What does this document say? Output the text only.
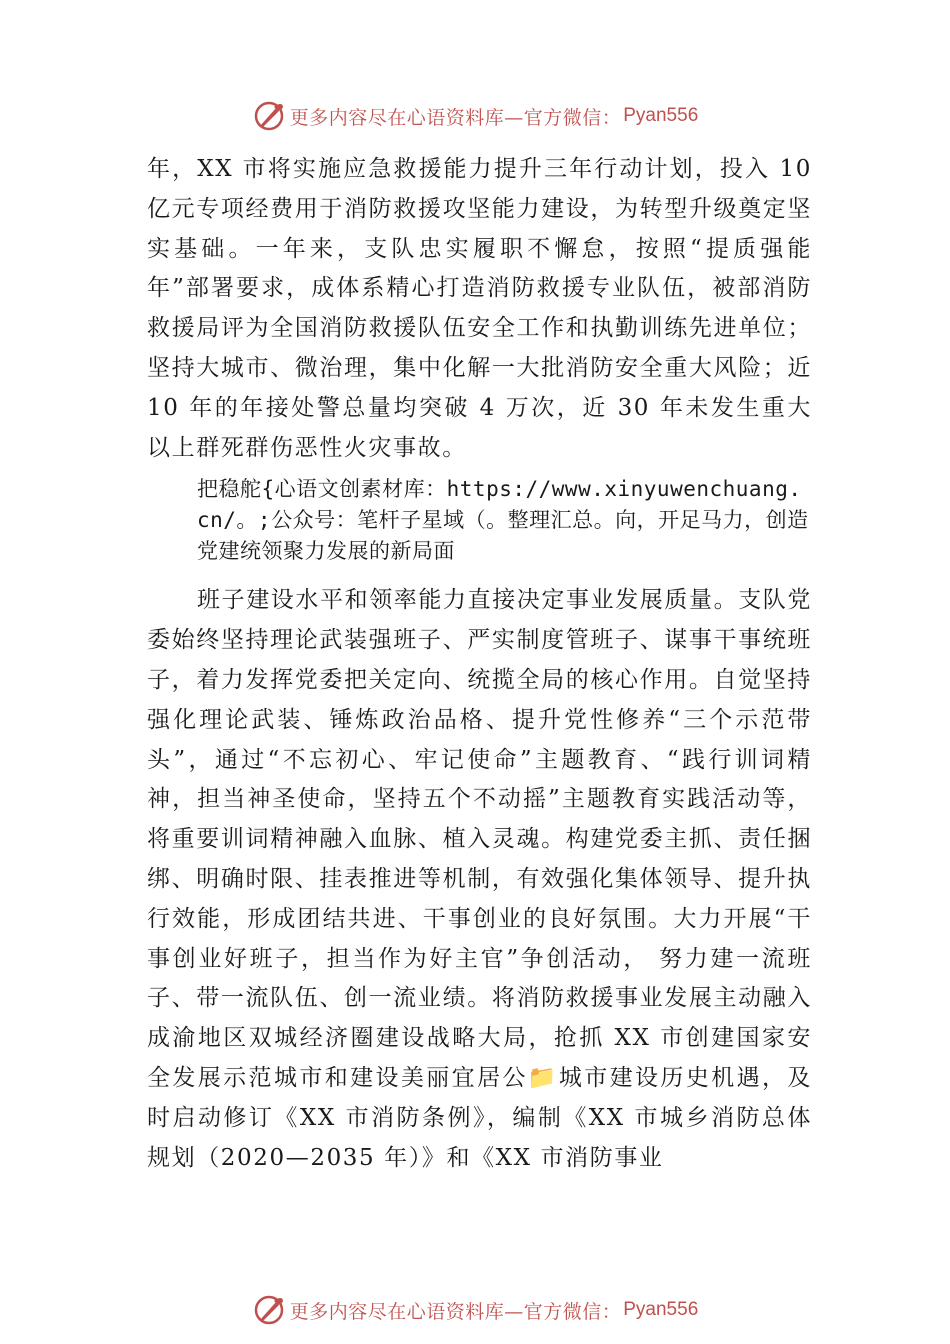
更多内容尽在心语资料库—官方微信： Pyan556

年，XX 市将实施应急救援能力提升三年行动计划，投入 10 亿元专项经费用于消防救援攻坚能力建设，为转型升级奠定坚实基础。一年来，支队忠实履职不懈怠，按照“提质强能年”部署要求，成体系精心打造消防救援专业队伍，被部消防救援局评为全国消防救援队伍安全工作和执勤训练先进单位；坚持大城市、微治理，集中化解一大批消防安全重大风险；近 10 年的年接处警总量均突破 4 万次，近 30 年未发生重大以上群死群伤恶性火灾事故。

把稳舵{心语文创素材库：https://www.xinyuwenchuang.cn/。;公众号：笔杆子星域（。整理汇总。向，开足马力，创造党建统领聚力发展的新局面

班子建设水平和领率能力直接决定事业发展质量。支队党委始终坚持理论武装强班子、严实制度管班子、谋事干事统班子，着力发挥党委把关定向、统揽全局的核心作用。自觉坚持强化理论武装、锤炼政治品格、提升党性修养“三个示范带头”，通过“不忘初心、牢记使命”主题教育、“践行训词精神，担当神圣使命，坚持五个不动摇”主题教育实践活动等，将重要训词精神融入血脉、植入灵魂。构建党委主抓、责任捆绑、明确时限、挂表推进等机制，有效强化集体领导、提升执行效能，形成团结共进、干事创业的良好氛围。大力开展“干事创业好班子，担当作为好主官”争创活动， 努力建一流班子、带一流队伍、创一流业绩。将消防救援事业发展主动融入成渝地区双城经济圈建设战略大局，抢抓 XX 市创建国家安全发展示范城市和建设美丽宜居公📁城市建设历史机遇，及时启动修订《XX 市消防条例》，编制《XX 市城乡消防总体规划（2020—2035 年）》和《XX 市消防事业

更多内容尽在心语资料库—官方微信： Pyan556
